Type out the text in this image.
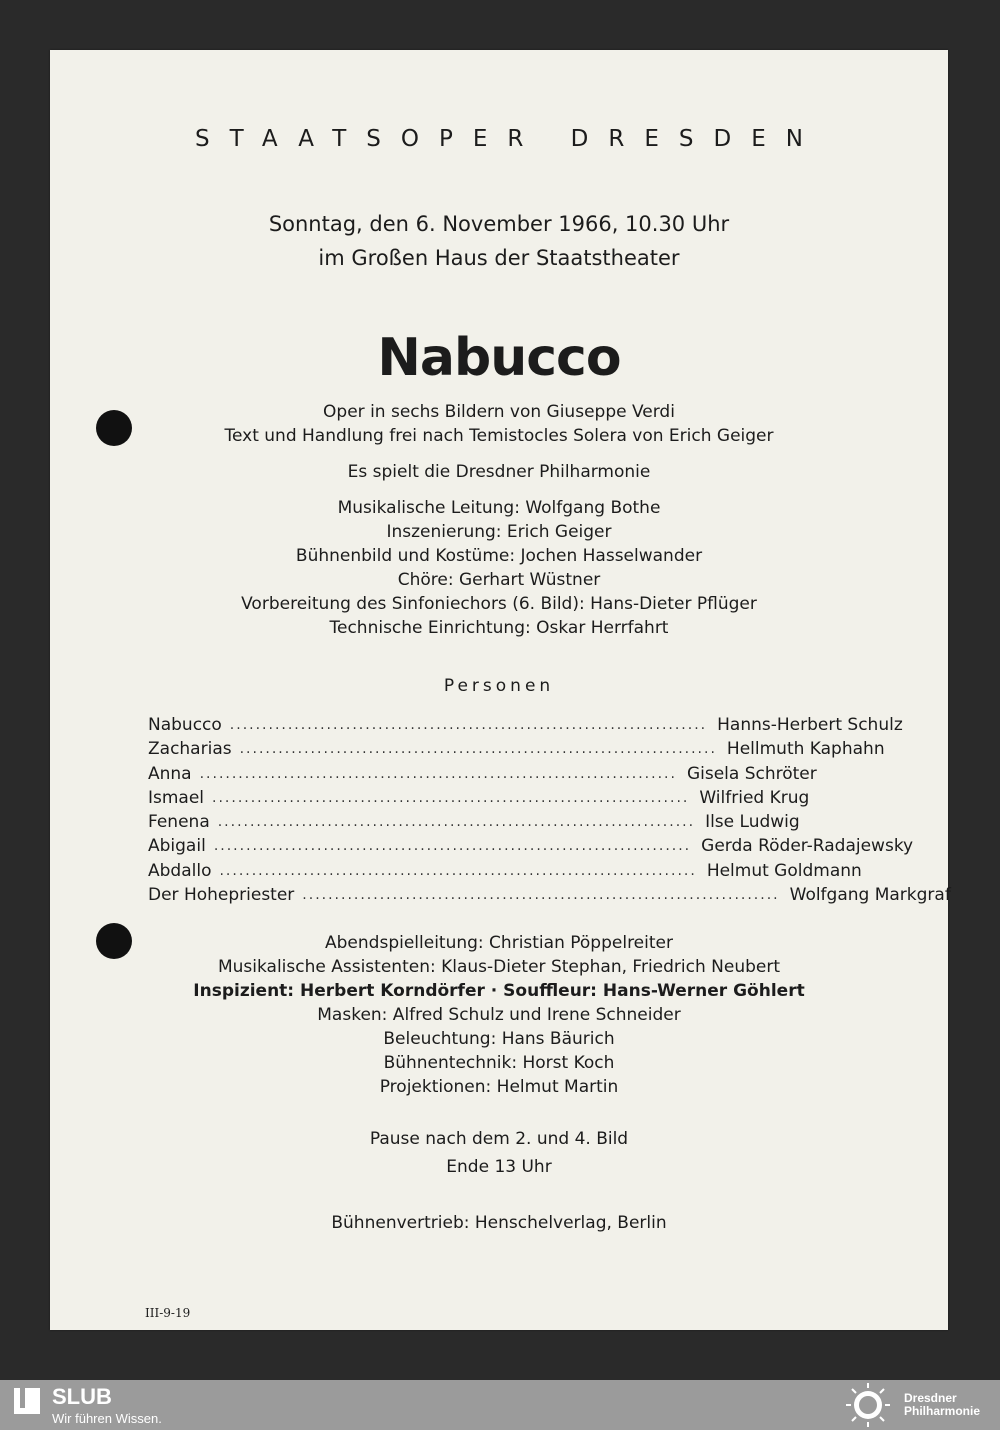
STAATSOPER DRESDEN
Sonntag, den 6. November 1966, 10.30 Uhr
im Großen Haus der Staatstheater
Nabucco
Oper in sechs Bildern von Giuseppe Verdi
Text und Handlung frei nach Temistocles Solera von Erich Geiger
Es spielt die Dresdner Philharmonie
Musikalische Leitung: Wolfgang Bothe
Inszenierung: Erich Geiger
Bühnenbild und Kostüme: Jochen Hasselwander
Chöre: Gerhart Wüstner
Vorbereitung des Sinfoniechors (6. Bild): Hans-Dieter Pflüger
Technische Einrichtung: Oskar Herrfahrt
Personen
Nabucco .......................................................................... Hanns-Herbert Schulz
Zacharias .......................................................................... Hellmuth Kaphahn
Anna .......................................................................... Gisela Schröter
Ismael .......................................................................... Wilfried Krug
Fenena .......................................................................... Ilse Ludwig
Abigail .......................................................................... Gerda Röder-Radajewsky
Abdallo .......................................................................... Helmut Goldmann
Der Hohepriester .......................................................................... Wolfgang Markgraf
Abendspielleitung: Christian Pöppelreiter
Musikalische Assistenten: Klaus-Dieter Stephan, Friedrich Neubert
Inspizient: Herbert Korndörfer · Souffleur: Hans-Werner Göhlert
Masken: Alfred Schulz und Irene Schneider
Beleuchtung: Hans Bäurich
Bühnentechnik: Horst Koch
Projektionen: Helmut Martin
Pause nach dem 2. und 4. Bild
Ende 13 Uhr
Bühnenvertrieb: Henschelverlag, Berlin
III-9-19
SLUB
Wir führen Wissen.
Dresdner
Philharmonie
